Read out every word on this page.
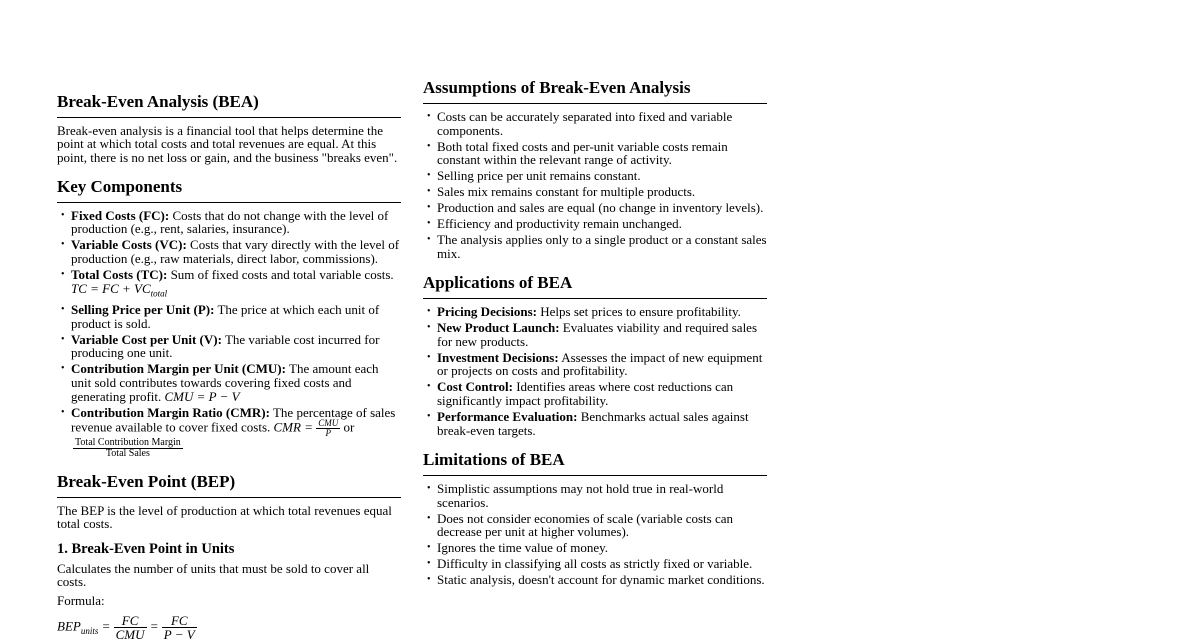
Break-Even Analysis (BEA)

Break-even analysis is a financial tool that helps determine the point at which total costs and total revenues are equal. At this point, there is no net loss or gain, and the business "breaks even".

Key Components
• Fixed Costs (FC): Costs that do not change with the level of production (e.g., rent, salaries, insurance).
• Variable Costs (VC): Costs that vary directly with the level of production (e.g., raw materials, direct labor, commissions).
• Total Costs (TC): Sum of fixed costs and total variable costs.
TC = FC + $VC_{total}$
• Selling Price per Unit (P): The price at which each unit of product is sold.
• Variable Cost per Unit (V): The variable cost incurred for producing one unit.
• Contribution Margin per Unit (CMU): The amount each unit sold contributes towards covering fixed costs and generating profit. CMU = P − V
• Contribution Margin Ratio (CMR): The percentage of sales revenue available to cover fixed costs. CMR = $\frac{\text{CMU}}{P}$ or

$\frac{\text{Total Contribution Margin}}{\text{Total Sales}}$
Break-Even Point (BEP)

The BEP is the level of production at which total revenues equal total costs.

1. Break-Even Point in Units

Calculates the number of units that must be sold to cover all costs.

Formula:

$BEP_{units} = \frac{FC}{\text{CMU}} = \frac{FC}{P - V}$
Assumptions of Break-Even Analysis
• Costs can be accurately separated into fixed and variable components.
• Both total fixed costs and per-unit variable costs remain constant within the relevant range of activity.
• Selling price per unit remains constant.
• Sales mix remains constant for multiple products.
• Production and sales are equal (no change in inventory levels).
• Efficiency and productivity remain unchanged.
• The analysis applies only to a single product or a constant sales mix.
Applications of BEA
• Pricing Decisions: Helps set prices to ensure profitability.
• New Product Launch: Evaluates viability and required sales for new products.
• Investment Decisions: Assesses the impact of new equipment or projects on costs and profitability.
• Cost Control: Identifies areas where cost reductions can significantly impact profitability.
• Performance Evaluation: Benchmarks actual sales against break-even targets.
Limitations of BEA
• Simplistic assumptions may not hold true in real-world scenarios.
• Does not consider economies of scale (variable costs can decrease per unit at higher volumes).
• Ignores the time value of money.
• Difficulty in classifying all costs as strictly fixed or variable.
• Static analysis, doesn't account for dynamic market conditions.
